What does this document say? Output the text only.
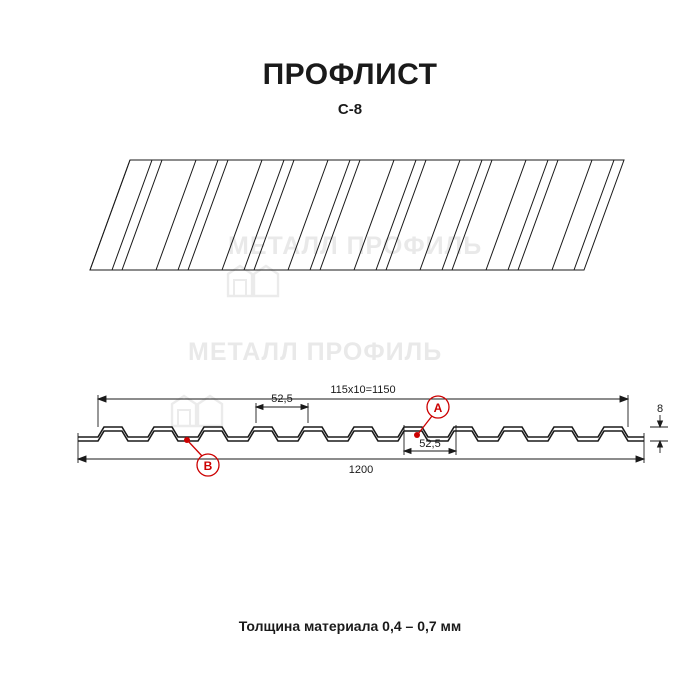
ПРОФЛИСТ
С-8
МЕТАЛЛ ПРОФИЛЬ
МЕТАЛЛ ПРОФИЛЬ
1200
115х10=1150
52,5
52,5
8
A
B
Толщина материала 0,4 – 0,7 мм
